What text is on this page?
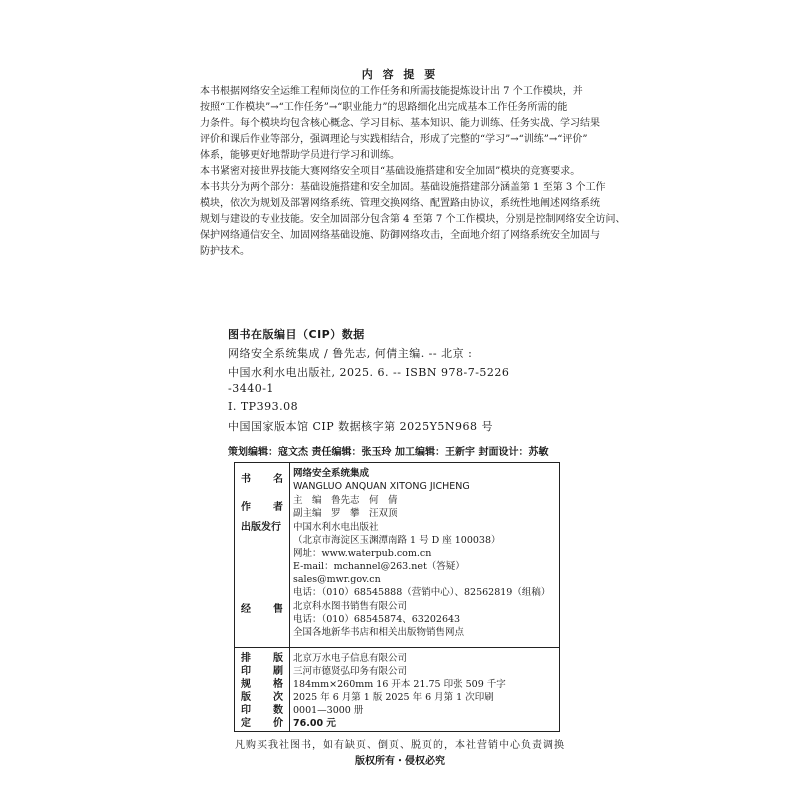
内 容 提 要
本书根据网络安全运维工程师岗位的工作任务和所需技能提炼设计出 7 个工作模块，并
按照“工作模块”→“工作任务”→“职业能力”的思路细化出完成基本工作任务所需的能
力条件。每个模块均包含核心概念、学习目标、基本知识、能力训练、任务实战、学习结果
评价和课后作业等部分，强调理论与实践相结合，形成了完整的“学习”→“训练”→“评价”
体系，能够更好地帮助学员进行学习和训练。
本书紧密对接世界技能大赛网络安全项目“基础设施搭建和安全加固”模块的竞赛要求。
本书共分为两个部分：基础设施搭建和安全加固。基础设施搭建部分涵盖第 1 至第 3 个工作
模块，依次为规划及部署网络系统、管理交换网络、配置路由协议，系统性地阐述网络系统
规划与建设的专业技能。安全加固部分包含第 4 至第 7 个工作模块，分别是控制网络安全访问、
保护网络通信安全、加固网络基础设施、防御网络攻击，全面地介绍了网络系统安全加固与
防护技术。
图书在版编目（CIP）数据
网络安全系统集成 / 鲁先志, 何倩主编. -- 北京 :
中国水利水电出版社, 2025. 6. -- ISBN 978-7-5226
-3440-1
Ⅰ. TP393.08
中国国家版本馆 CIP 数据核字第 2025Y5N968 号
策划编辑：寇文杰 责任编辑：张玉玲 加工编辑：王新宇 封面设计：苏敏
书 名
作 者
出版发行
经 售
排 版
印 刷
规 格
版 次
印 数
定 价
网络安全系统集成
WANGLUO ANQUAN XITONG JICHENG
主　编　鲁先志　何　倩
副主编　罗　攀　汪双顶
中国水利水电出版社
（北京市海淀区玉渊潭南路 1 号 D 座 100038）
网址：www.waterpub.com.cn
E-mail：mchannel@263.net（答疑）
sales@mwr.gov.cn
电话：（010）68545888（营销中心）、82562819（组稿）
北京科水图书销售有限公司
电话：（010）68545874、63202643
全国各地新华书店和相关出版物销售网点
北京万水电子信息有限公司
三河市德贤弘印务有限公司
184mm×260mm 16 开本 21.75 印张 509 千字
2025 年 6 月第 1 版 2025 年 6 月第 1 次印刷
0001—3000 册
76.00 元
凡购买我社图书，如有缺页、倒页、脱页的，本社营销中心负责调换
版权所有・侵权必究
